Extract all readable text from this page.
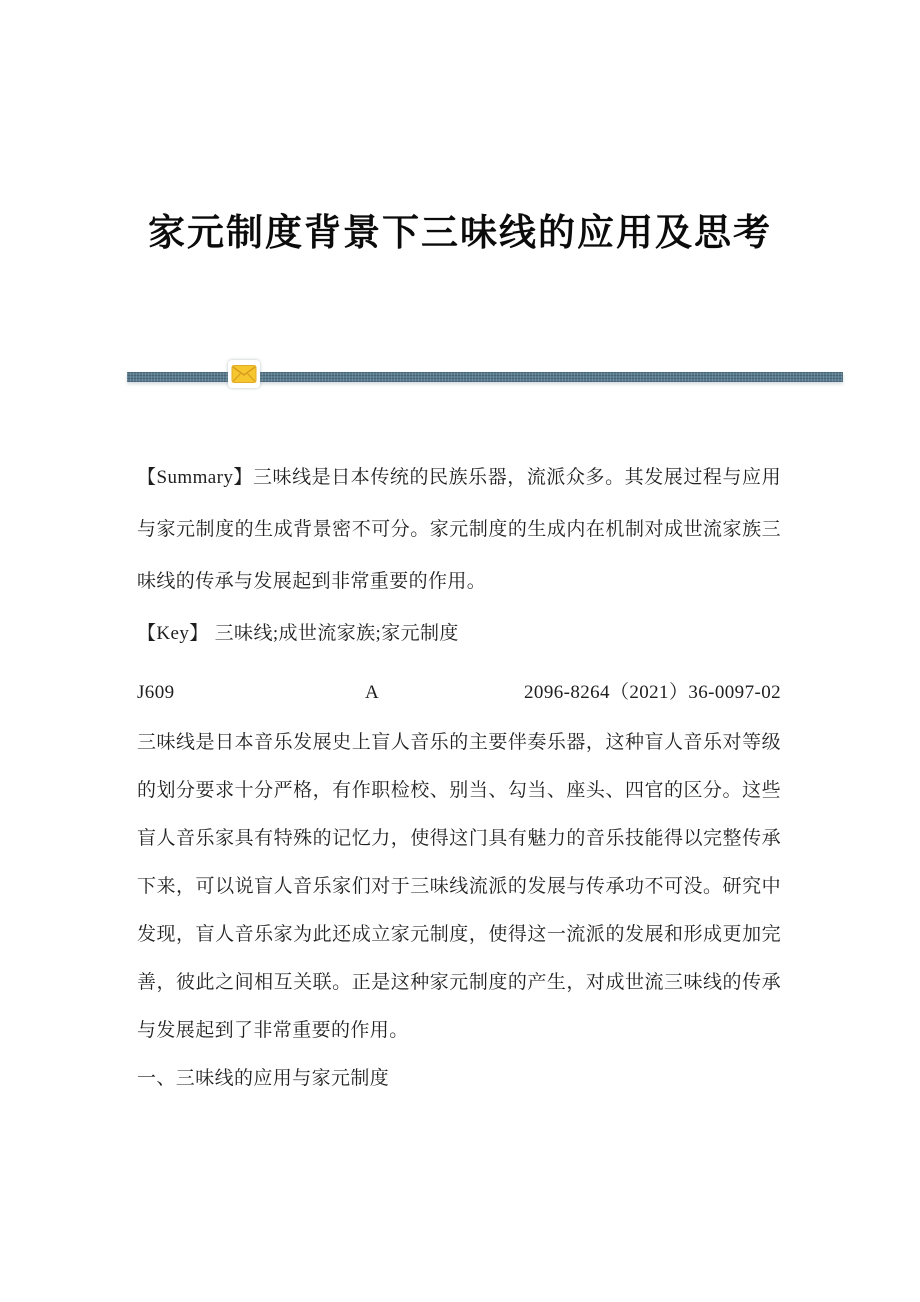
家元制度背景下三味线的应用及思考

【Summary】三味线是日本传统的民族乐器，流派众多。其发展过程与应用与家元制度的生成背景密不可分。家元制度的生成内在机制对成世流家族三味线的传承与发展起到非常重要的作用。

【Key】 三味线;成世流家族;家元制度

J609	A	2096-8264（2021）36-0097-02

三味线是日本音乐发展史上盲人音乐的主要伴奏乐器，这种盲人音乐对等级的划分要求十分严格，有作职检校、别当、勾当、座头、四官的区分。这些盲人音乐家具有特殊的记忆力，使得这门具有魅力的音乐技能得以完整传承下来，可以说盲人音乐家们对于三味线流派的发展与传承功不可没。研究中发现，盲人音乐家为此还成立家元制度，使得这一流派的发展和形成更加完善，彼此之间相互关联。正是这种家元制度的产生，对成世流三味线的传承与发展起到了非常重要的作用。

一、三味线的应用与家元制度
